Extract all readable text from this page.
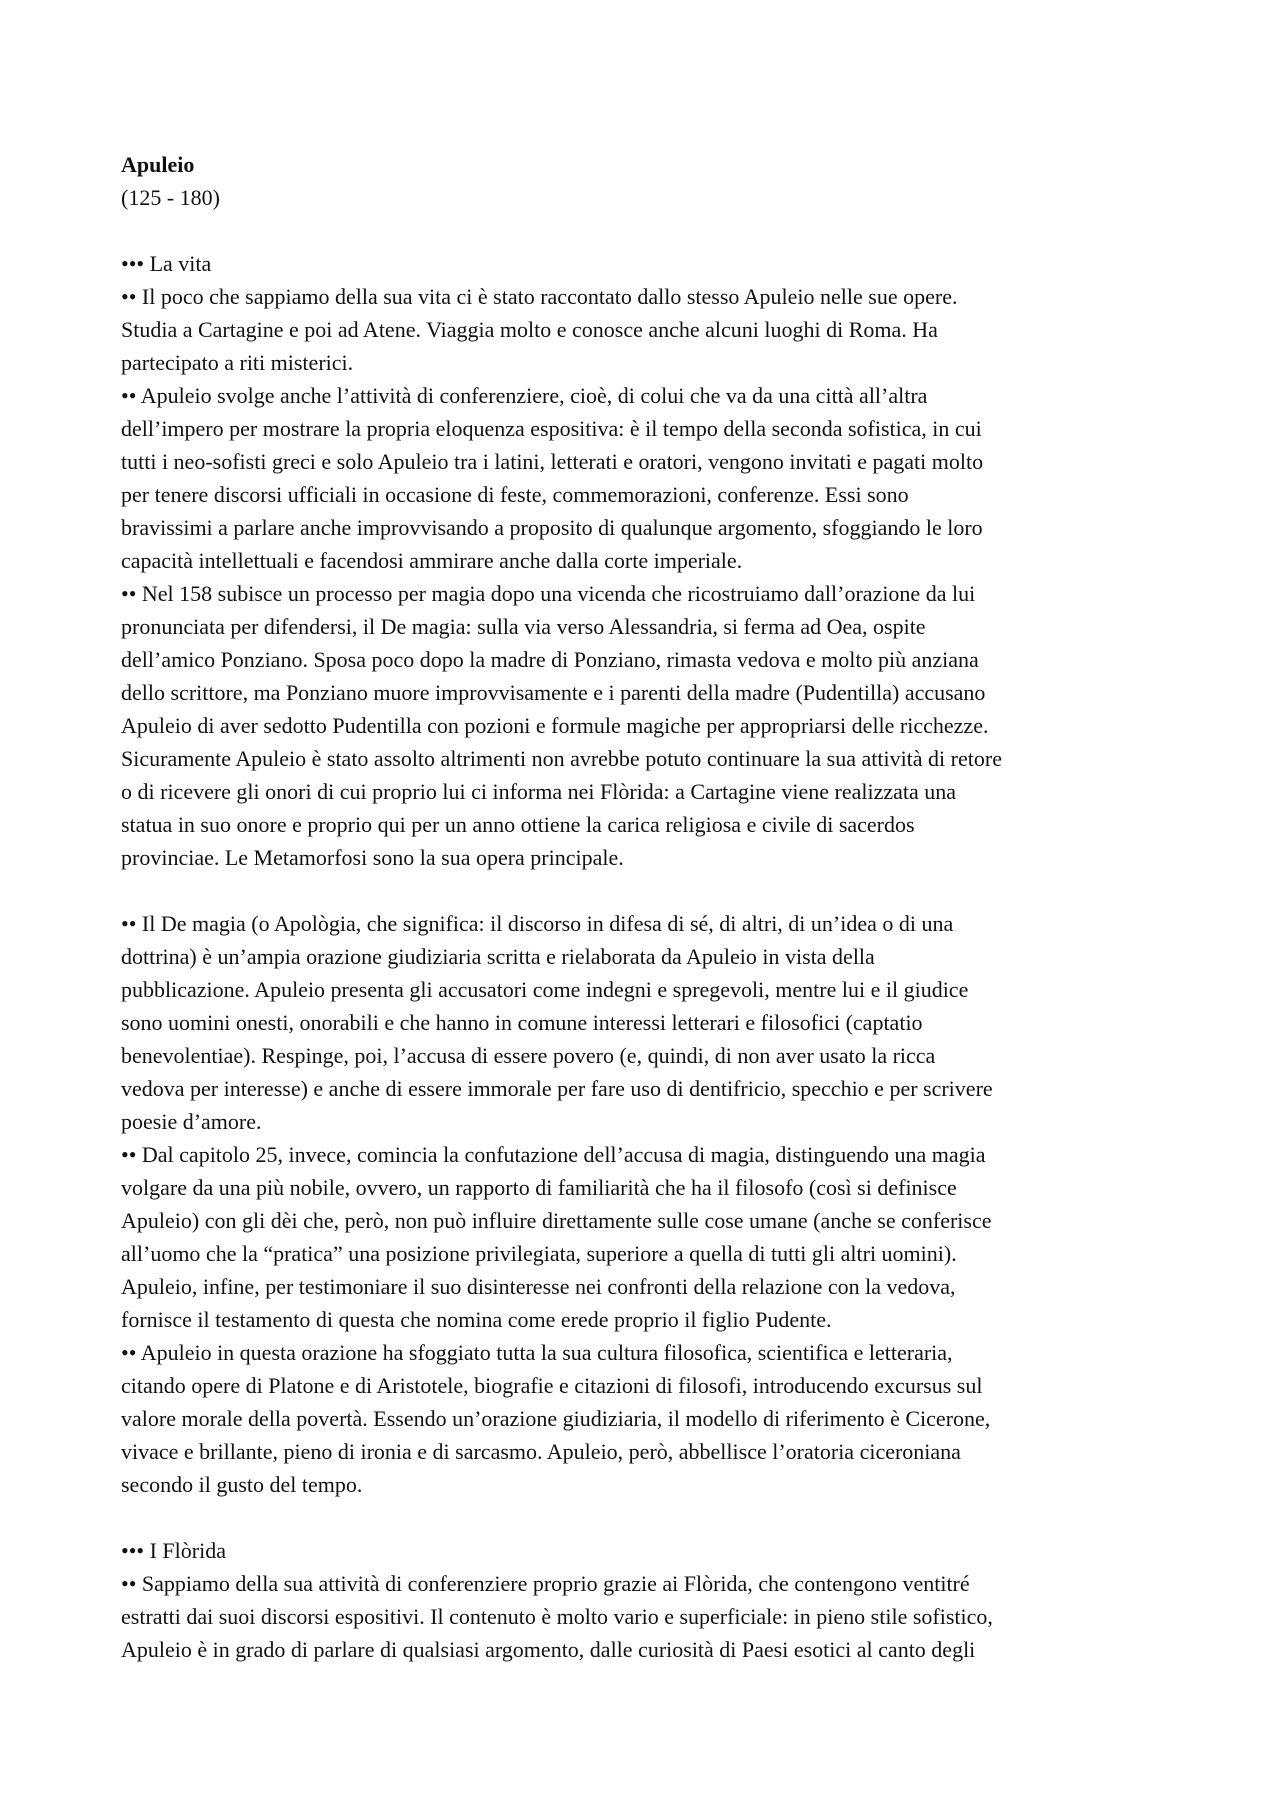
Apuleio

(125 - 180)

••• La vita

•• Il poco che sappiamo della sua vita ci è stato raccontato dallo stesso Apuleio nelle sue opere.

Studia a Cartagine e poi ad Atene. Viaggia molto e conosce anche alcuni luoghi di Roma. Ha

partecipato a riti misterici.

•• Apuleio svolge anche l’attività di conferenziere, cioè, di colui che va da una città all’altra

dell’impero per mostrare la propria eloquenza espositiva: è il tempo della seconda sofistica, in cui

tutti i neo-sofisti greci e solo Apuleio tra i latini, letterati e oratori, vengono invitati e pagati molto

per tenere discorsi ufficiali in occasione di feste, commemorazioni, conferenze. Essi sono

bravissimi a parlare anche improvvisando a proposito di qualunque argomento, sfoggiando le loro

capacità intellettuali e facendosi ammirare anche dalla corte imperiale.

•• Nel 158 subisce un processo per magia dopo una vicenda che ricostruiamo dall’orazione da lui

pronunciata per difendersi, il De magia: sulla via verso Alessandria, si ferma ad Oea, ospite

dell’amico Ponziano. Sposa poco dopo la madre di Ponziano, rimasta vedova e molto più anziana

dello scrittore, ma Ponziano muore improvvisamente e i parenti della madre (Pudentilla) accusano

Apuleio di aver sedotto Pudentilla con pozioni e formule magiche per appropriarsi delle ricchezze.

Sicuramente Apuleio è stato assolto altrimenti non avrebbe potuto continuare la sua attività di retore

o di ricevere gli onori di cui proprio lui ci informa nei Flòrida: a Cartagine viene realizzata una

statua in suo onore e proprio qui per un anno ottiene la carica religiosa e civile di sacerdos

provinciae. Le Metamorfosi sono la sua opera principale.

•• Il De magia (o Apològia, che significa: il discorso in difesa di sé, di altri, di un’idea o di una

dottrina) è un’ampia orazione giudiziaria scritta e rielaborata da Apuleio in vista della

pubblicazione. Apuleio presenta gli accusatori come indegni e spregevoli, mentre lui e il giudice

sono uomini onesti, onorabili e che hanno in comune interessi letterari e filosofici (captatio

benevolentiae). Respinge, poi, l’accusa di essere povero (e, quindi, di non aver usato la ricca

vedova per interesse) e anche di essere immorale per fare uso di dentifricio, specchio e per scrivere

poesie d’amore.

•• Dal capitolo 25, invece, comincia la confutazione dell’accusa di magia, distinguendo una magia

volgare da una più nobile, ovvero, un rapporto di familiarità che ha il filosofo (così si definisce

Apuleio) con gli dèi che, però, non può influire direttamente sulle cose umane (anche se conferisce

all’uomo che la “pratica” una posizione privilegiata, superiore a quella di tutti gli altri uomini).

Apuleio, infine, per testimoniare il suo disinteresse nei confronti della relazione con la vedova,

fornisce il testamento di questa che nomina come erede proprio il figlio Pudente.

•• Apuleio in questa orazione ha sfoggiato tutta la sua cultura filosofica, scientifica e letteraria,

citando opere di Platone e di Aristotele, biografie e citazioni di filosofi, introducendo excursus sul

valore morale della povertà. Essendo un’orazione giudiziaria, il modello di riferimento è Cicerone,

vivace e brillante, pieno di ironia e di sarcasmo. Apuleio, però, abbellisce l’oratoria ciceroniana

secondo il gusto del tempo.

••• I Flòrida

•• Sappiamo della sua attività di conferenziere proprio grazie ai Flòrida, che contengono ventitré

estratti dai suoi discorsi espositivi. Il contenuto è molto vario e superficiale: in pieno stile sofistico,

Apuleio è in grado di parlare di qualsiasi argomento, dalle curiosità di Paesi esotici al canto degli
